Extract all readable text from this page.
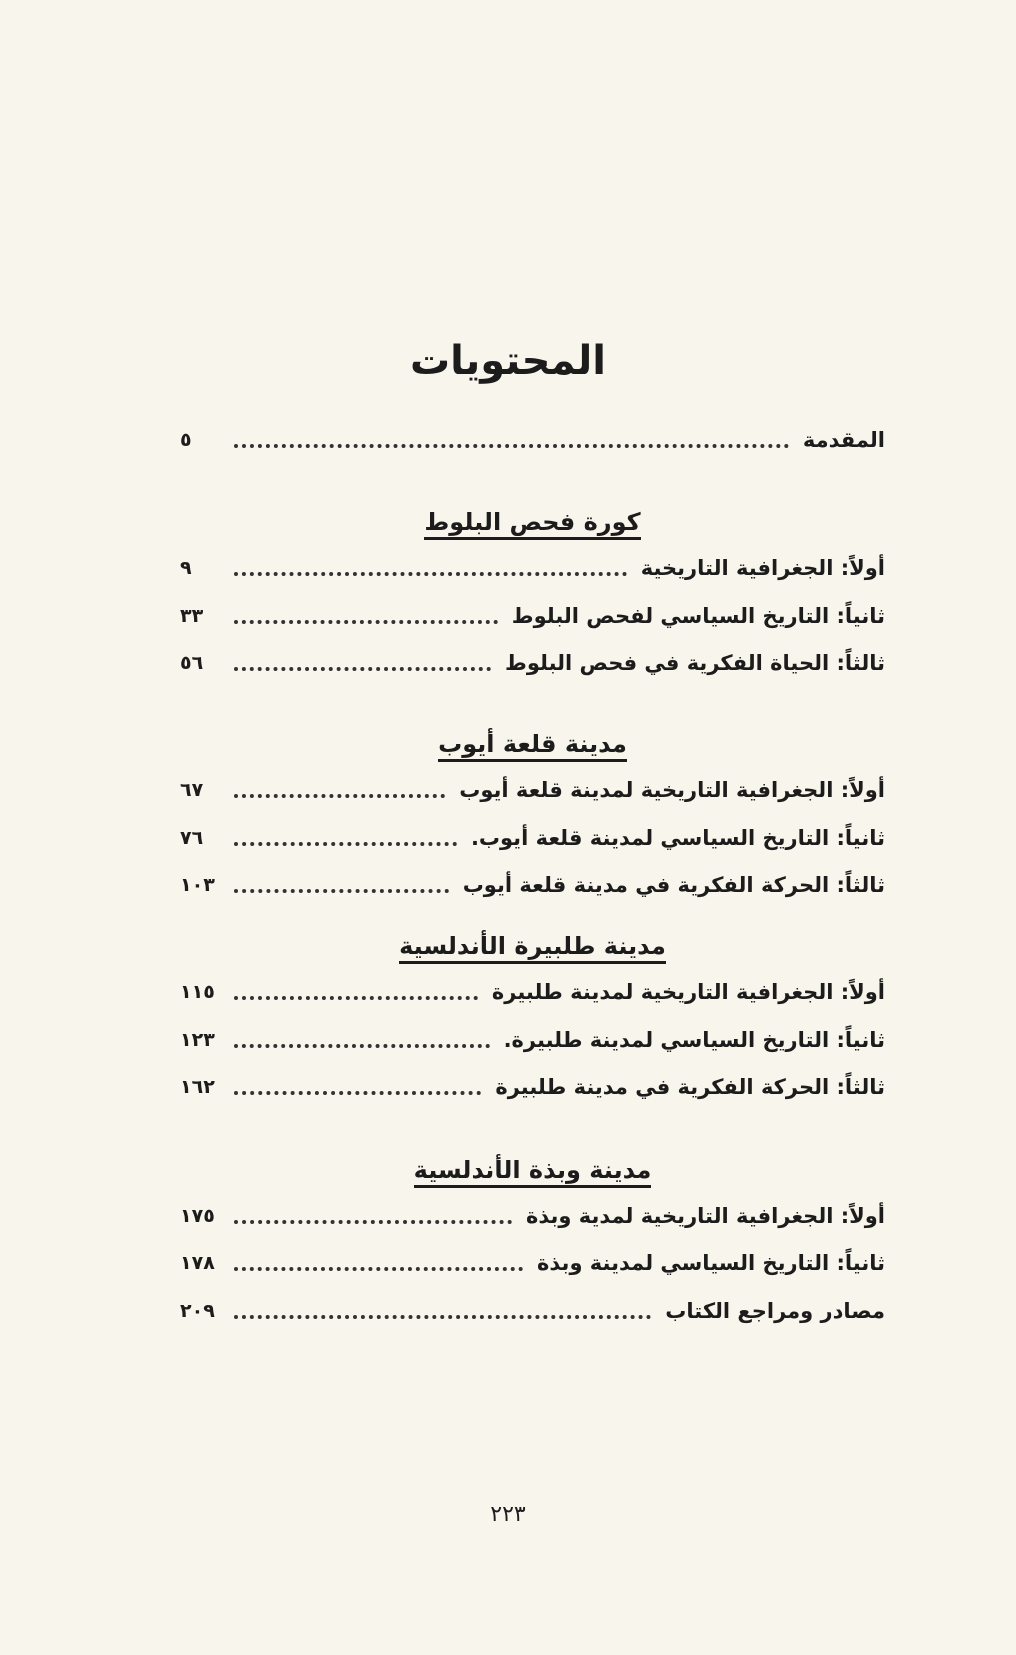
المحتويات
المقدمة
٥
كورة فحص البلوط
أولاً: الجغرافية التاريخية
٩
ثانياً: التاريخ السياسي لفحص البلوط
٣٣
ثالثاً: الحياة الفكرية في فحص البلوط
٥٦
مدينة قلعة أيوب
أولاً: الجغرافية التاريخية لمدينة قلعة أيوب
٦٧
ثانياً: التاريخ السياسي لمدينة قلعة أيوب.
٧٦
ثالثاً: الحركة الفكرية في مدينة قلعة أيوب
١٠٣
مدينة طلبيرة الأندلسية
أولاً: الجغرافية التاريخية لمدينة طلبيرة
١١٥
ثانياً: التاريخ السياسي لمدينة طلبيرة.
١٢٣
ثالثاً: الحركة الفكرية في مدينة طلبيرة
١٦٢
مدينة وبذة الأندلسية
أولاً: الجغرافية التاريخية لمدية وبذة
١٧٥
ثانياً: التاريخ السياسي لمدينة وبذة
١٧٨
مصادر ومراجع الكتاب
٢٠٩
٢٢٣
